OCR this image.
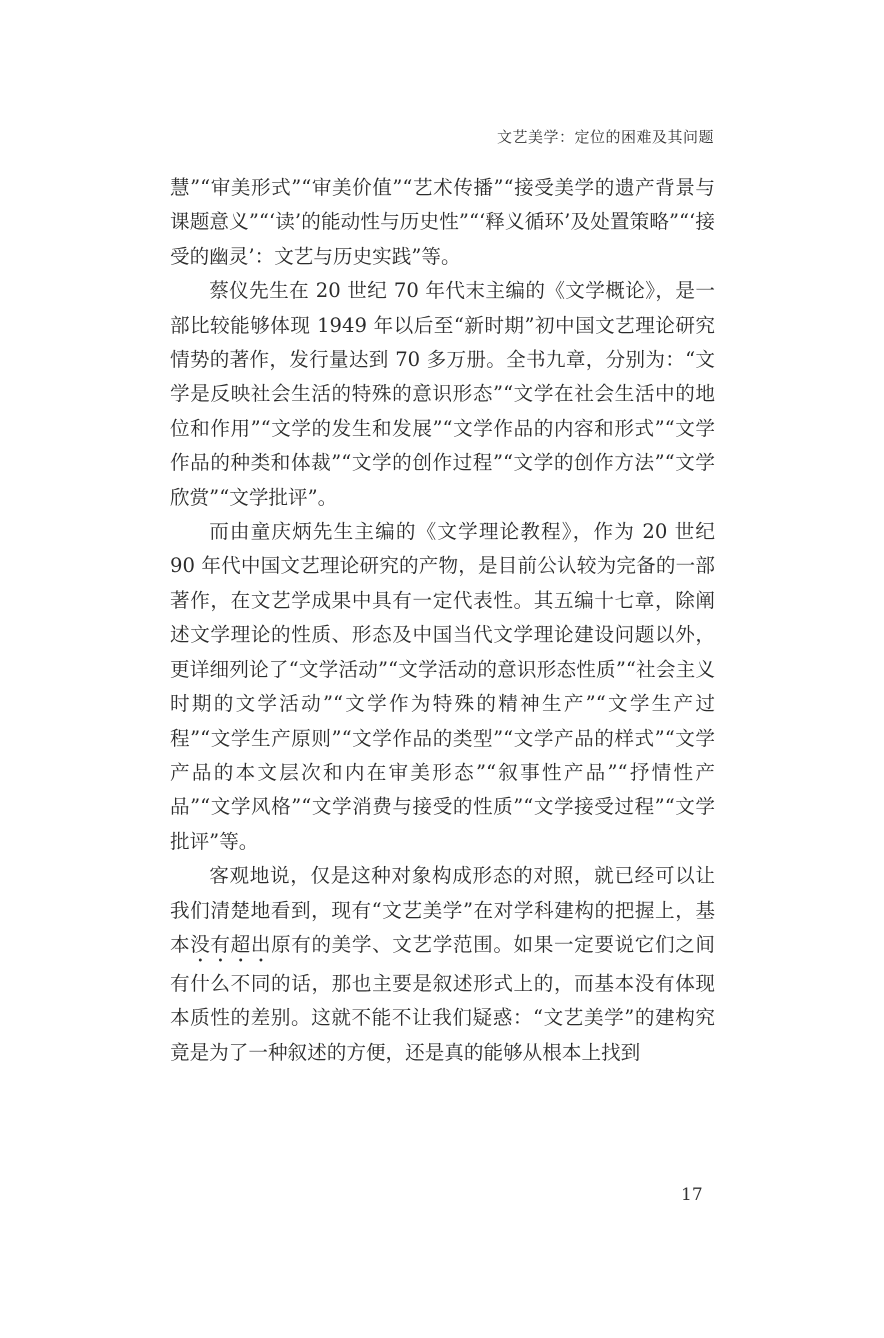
文艺美学：定位的困难及其问题

慧”“审美形式”“审美价值”“艺术传播”“接受美学的遗产背景与课题意义”“‘读’的能动性与历史性”“‘释义循环’及处置策略”“‘接受的幽灵’：文艺与历史实践”等。

蔡仪先生在 20 世纪 70 年代末主编的《文学概论》，是一部比较能够体现 1949 年以后至“新时期”初中国文艺理论研究情势的著作，发行量达到 70 多万册。全书九章，分别为：“文学是反映社会生活的特殊的意识形态”“文学在社会生活中的地位和作用”“文学的发生和发展”“文学作品的内容和形式”“文学作品的种类和体裁”“文学的创作过程”“文学的创作方法”“文学欣赏”“文学批评”。

而由童庆炳先生主编的《文学理论教程》，作为 20 世纪 90 年代中国文艺理论研究的产物，是目前公认较为完备的一部著作，在文艺学成果中具有一定代表性。其五编十七章，除阐述文学理论的性质、形态及中国当代文学理论建设问题以外，更详细列论了“文学活动”“文学活动的意识形态性质”“社会主义时期的文学活动”“文学作为特殊的精神生产”“文学生产过程”“文学生产原则”“文学作品的类型”“文学产品的样式”“文学产品的本文层次和内在审美形态”“叙事性产品”“抒情性产品”“文学风格”“文学消费与接受的性质”“文学接受过程”“文学批评”等。

客观地说，仅是这种对象构成形态的对照，就已经可以让我们清楚地看到，现有“文艺美学”在对学科建构的把握上，基本没有超出原有的美学、文艺学范围。如果一定要说它们之间有什么不同的话，那也主要是叙述形式上的，而基本没有体现本质性的差别。这就不能不让我们疑惑：“文艺美学”的建构究竟是为了一种叙述的方便，还是真的能够从根本上找到

17
